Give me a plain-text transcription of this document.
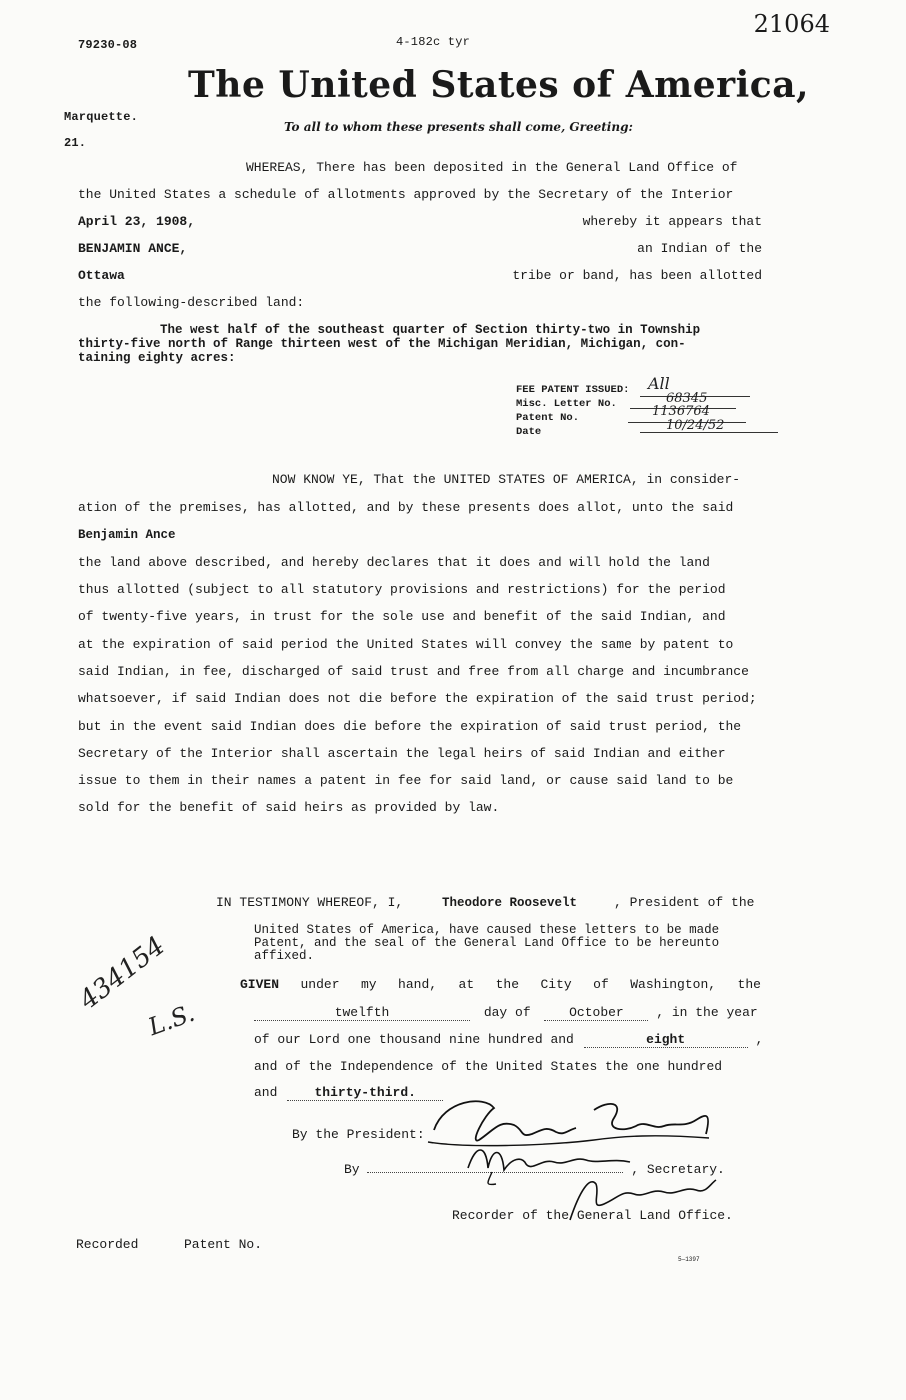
21064
79230-08	4-182c tyr
The United States of America,
To all to whom these presents shall come, Greeting:
Marquette.
21.
WHEREAS, There has been deposited in the General Land Office of
the United States a schedule of allotments approved by the Secretary of the Interior
April 23, 1908,	whereby it appears that
BENJAMIN ANCE,	an Indian of the
Ottawa	tribe or band, has been allotted
the following-described land:
The west half of the southeast quarter of Section thirty-two in Township
thirty-five north of Range thirteen west of the Michigan Meridian, Michigan, con-
taining eighty acres:
FEE PATENT ISSUED: All
Misc. Letter No.	68345
Patent No.	1136764
Date	10/24/52
NOW KNOW YE, That the UNITED STATES OF AMERICA, in consider-
ation of the premises, has allotted, and by these presents does allot, unto the said
Benjamin Ance
the land above described, and hereby declares that it does and will hold the land
thus allotted (subject to all statutory provisions and restrictions) for the period
of twenty-five years, in trust for the sole use and benefit of the said Indian, and
at the expiration of said period the United States will convey the same by patent to
said Indian, in fee, discharged of said trust and free from all charge and incumbrance
whatsoever, if said Indian does not die before the expiration of the said trust period;
but in the event said Indian does die before the expiration of said trust period, the
Secretary of the Interior shall ascertain the legal heirs of said Indian and either
issue to them in their names a patent in fee for said land, or cause said land to be
sold for the benefit of said heirs as provided by law.
IN TESTIMONY WHEREOF, I,	Theodore Roosevelt	, President of the
United States of America, have caused these letters to be made
Patent, and the seal of the General Land Office to be hereunto
affixed.
GIVEN under my hand, at the City of Washington, the
twelfth	day of	October	, in the year
of our Lord one thousand nine hundred and	eight	,
and of the Independence of the United States the one hundred
and	thirty-third.
By the President:
By	, Secretary.
Recorder of the General Land Office.
434154
L.S.
Recorded	Patent No.
5—1397
